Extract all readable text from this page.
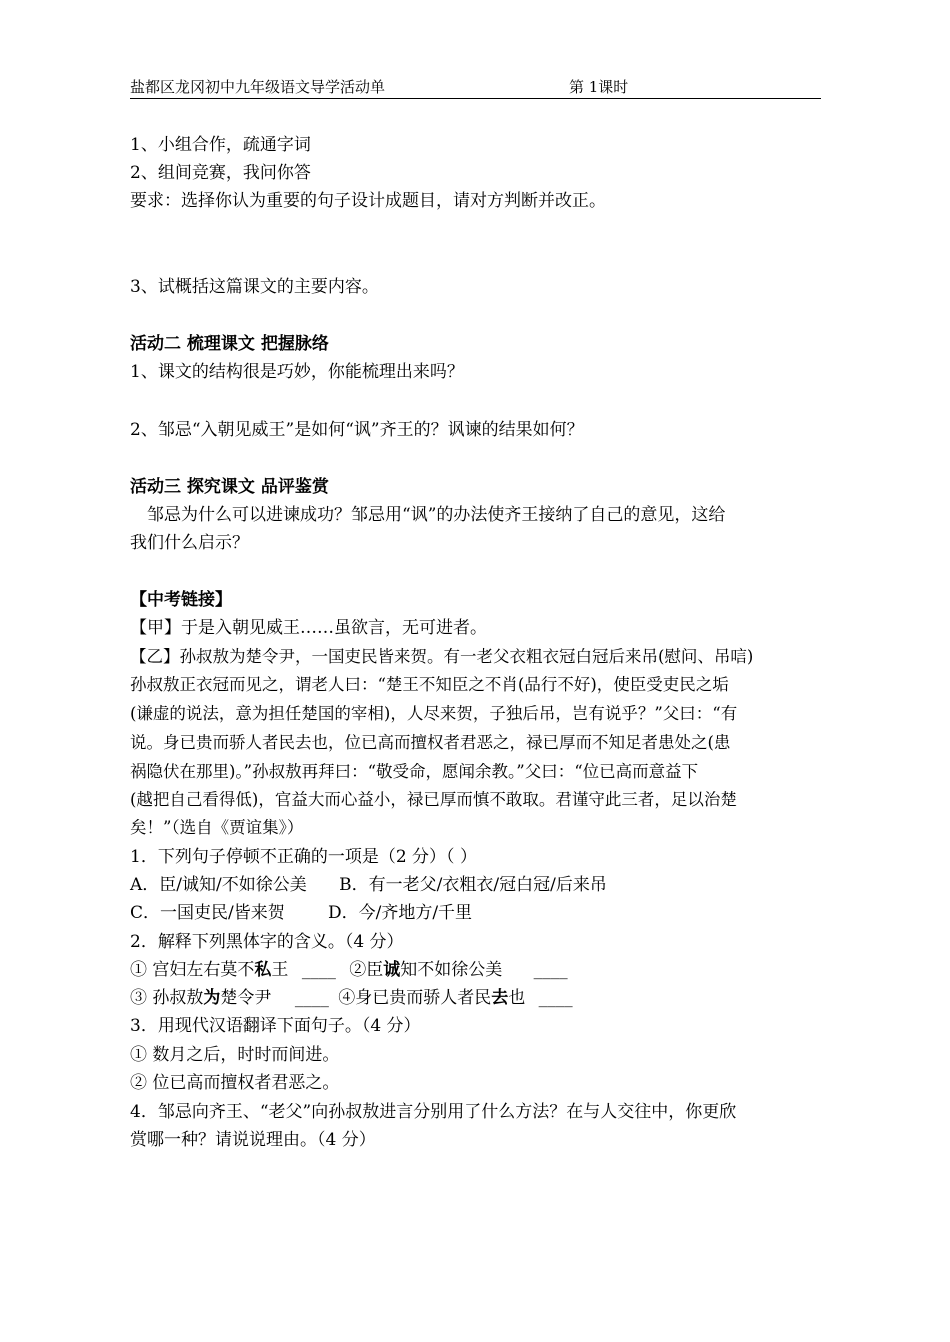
盐都区龙冈初中九年级语文导学活动单	第 1课时
1、小组合作，疏通字词
2、组间竞赛，我问你答
要求：选择你认为重要的句子设计成题目，请对方判断并改正。
3、试概括这篇课文的主要内容。
活动二 梳理课文 把握脉络
1、课文的结构很是巧妙，你能梳理出来吗？
2、邹忌“入朝见威王”是如何“讽”齐王的？讽谏的结果如何？
活动三 探究课文 品评鉴赏
邹忌为什么可以进谏成功？邹忌用“讽”的办法使齐王接纳了自己的意见，这给
我们什么启示？
【中考链接】
【甲】于是入朝见威王……虽欲言，无可进者。
【乙】孙叔敖为楚令尹，一国吏民皆来贺。有一老父衣粗衣冠白冠后来吊(慰问、吊唁)
孙叔敖正衣冠而见之，谓老人曰：“楚王不知臣之不肖(品行不好)，使臣受吏民之垢
(谦虚的说法，意为担任楚国的宰相)，人尽来贺，子独后吊，岂有说乎？”父曰：“有
说。身已贵而骄人者民去也，位已高而擅权者君恶之，禄已厚而不知足者患处之(患
祸隐伏在那里)。”孙叔敖再拜曰：“敬受命，愿闻余教。”父曰：“位已高而意益下
(越把自己看得低)，官益大而心益小，禄已厚而慎不敢取。君谨守此三者，足以治楚
矣！”（选自《贾谊集》）
1．下列句子停顿不正确的一项是（2 分）（ ）
A．臣/诚知/不如徐公美      B．有一老父/衣粗衣/冠白冠/后来吊
C．一国吏民/皆来贺        D．今/齐地方/千里
2．解释下列黑体字的含义。（4 分）
① 宫妇左右莫不私王 ____ ②臣诚知不如徐公美 ____
③ 孙叔敖为楚令尹 ____ ④身已贵而骄人者民去也 ____
3．用现代汉语翻译下面句子。（4 分）
① 数月之后，时时而间进。
② 位已高而擅权者君恶之。
4．邹忌向齐王、“老父”向孙叔敖进言分别用了什么方法？在与人交往中，你更欣
赏哪一种？请说说理由。（4 分）
